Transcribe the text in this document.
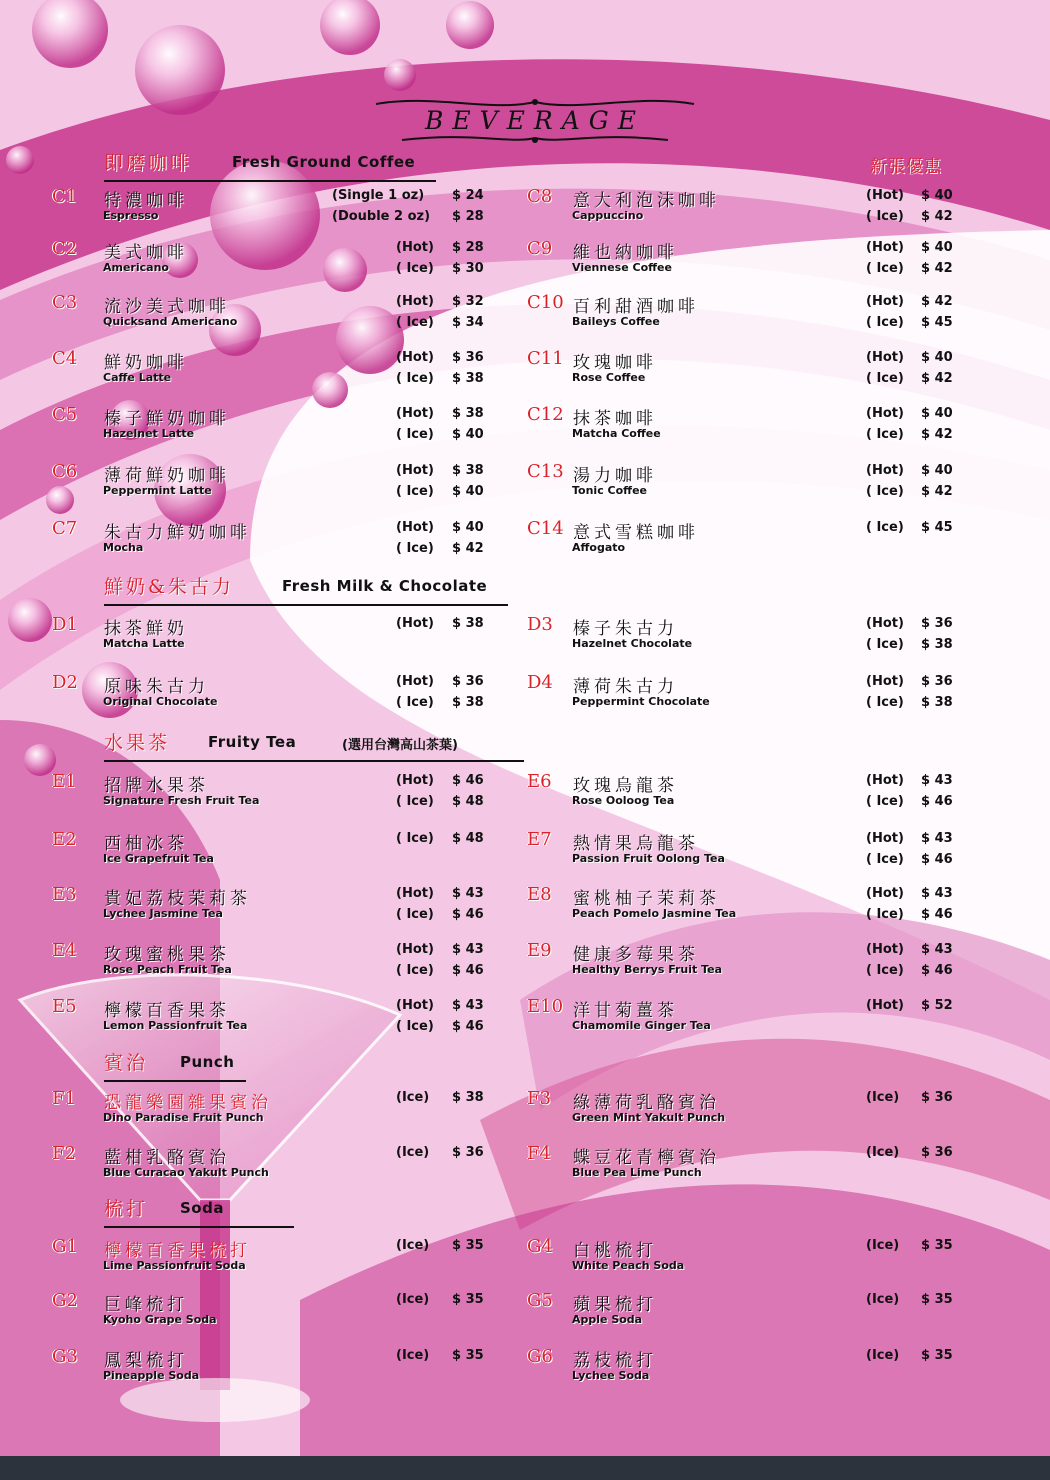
BEVERAGE
即磨咖啡	Fresh Ground Coffee	新張優惠
鮮奶&朱古力	Fresh Milk & Chocolate
水果茶	Fruity Tea	(選用台灣高山茶葉)
賓治 Punch
梳打 Soda
C1 特濃咖啡
Espresso
(Single 1 oz) $ 24
(Double 2 oz) $ 28
C2 美式咖啡
Americano
(Hot) $ 28
( Ice) $ 30
C3 流沙美式咖啡
Quicksand Americano
(Hot) $ 32
( Ice) $ 34
C4 鮮奶咖啡
Caffe Latte
(Hot) $ 36
( Ice) $ 38
C5 榛子鮮奶咖啡
Hazelnet Latte
(Hot) $ 38
( Ice) $ 40
C6 薄荷鮮奶咖啡
Peppermint Latte
(Hot) $ 38
( Ice) $ 40
C7 朱古力鮮奶咖啡
Mocha
(Hot) $ 40
( Ice) $ 42
C8 意大利泡沫咖啡
Cappuccino
(Hot) $ 40
( Ice) $ 42
C9 維也納咖啡
Viennese Coffee
(Hot) $ 40
( Ice) $ 42
C10 百利甜酒咖啡
Baileys Coffee
(Hot) $ 42
( Ice) $ 45
C11 玫瑰咖啡
Rose Coffee
(Hot) $ 40
( Ice) $ 42
C12 抹茶咖啡
Matcha Coffee
(Hot) $ 40
( Ice) $ 42
C13 湯力咖啡
Tonic Coffee
(Hot) $ 40
( Ice) $ 42
C14 意式雪糕咖啡
Affogato
( Ice) $ 45
D1 抹茶鮮奶
Matcha Latte
(Hot) $ 38
D2 原味朱古力
Original Chocolate
(Hot) $ 36
( Ice) $ 38
D3 榛子朱古力
Hazelnet Chocolate
(Hot) $ 36
( Ice) $ 38
D4 薄荷朱古力
Peppermint Chocolate
(Hot) $ 36
( Ice) $ 38
E1 招牌水果茶
Signature Fresh Fruit Tea
(Hot) $ 46
( Ice) $ 48
E2 西柚冰茶
Ice Grapefruit Tea
( Ice) $ 48
E3 貴妃荔枝茉莉茶
Lychee Jasmine Tea
(Hot) $ 43
( Ice) $ 46
E4 玫瑰蜜桃果茶
Rose Peach Fruit Tea
(Hot) $ 43
( Ice) $ 46
E5 檸檬百香果茶
Lemon Passionfruit Tea
(Hot) $ 43
( Ice) $ 46
E6 玫瑰烏龍茶
Rose Ooloog Tea
(Hot) $ 43
( Ice) $ 46
E7 熱情果烏龍茶
Passion Fruit Oolong Tea
(Hot) $ 43
( Ice) $ 46
E8 蜜桃柚子茉莉茶
Peach Pomelo Jasmine Tea
(Hot) $ 43
( Ice) $ 46
E9 健康多莓果茶
Healthy Berrys Fruit Tea
(Hot) $ 43
( Ice) $ 46
E10 洋甘菊薑茶
Chamomile Ginger Tea
(Hot) $ 52
F1 恐龍樂園雜果賓治
Dino Paradise Fruit Punch
(Ice) $ 38
F2 藍柑乳酪賓治
Blue Curacao Yakult Punch
(Ice) $ 36
F3 綠薄荷乳酪賓治
Green Mint Yakult Punch
(Ice) $ 36
F4 蝶豆花青檸賓治
Blue Pea Lime Punch
(Ice) $ 36
G1 檸檬百香果梳打
Lime Passionfruit Soda
(Ice) $ 35
G2 巨峰梳打
Kyoho Grape Soda
(Ice) $ 35
G3 鳳梨梳打
Pineapple Soda
(Ice) $ 35
G4 白桃梳打
White Peach Soda
(Ice) $ 35
G5 蘋果梳打
Apple Soda
(Ice) $ 35
G6 荔枝梳打
Lychee Soda
(Ice) $ 35
